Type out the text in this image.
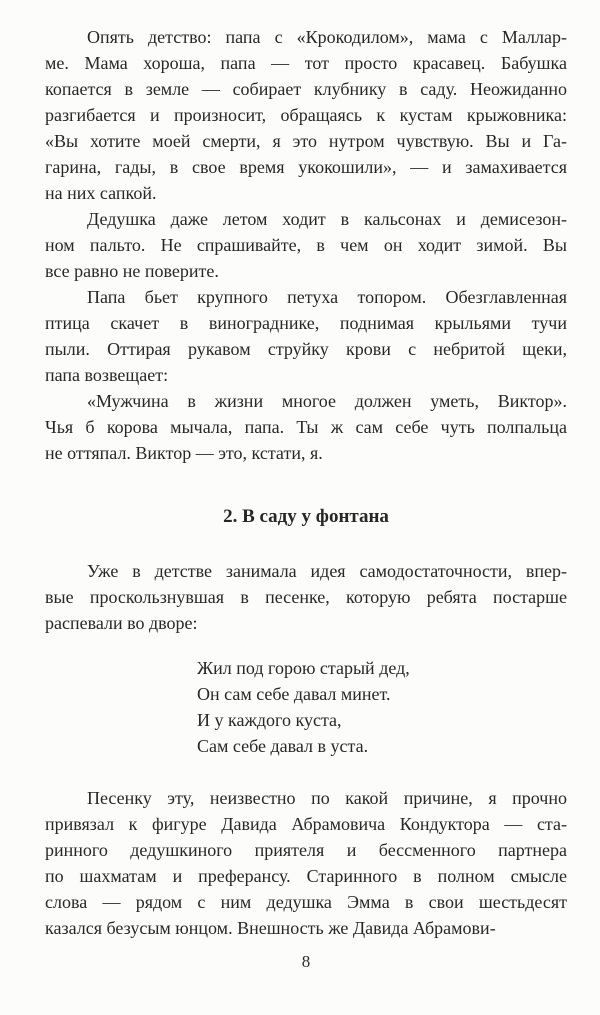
Опять детство: папа с «Крокодилом», мама с Маллар-
ме. Мама хороша, папа — тот просто красавец. Бабушка
копается в земле — собирает клубнику в саду. Неожиданно
разгибается и произносит, обращаясь к кустам крыжовника:
«Вы хотите моей смерти, я это нутром чувствую. Вы и Га-
гарина, гады, в свое время укокошили», — и замахивается
на них сапкой.
Дедушка даже летом ходит в кальсонах и демисезон-
ном пальто. Не спрашивайте, в чем он ходит зимой. Вы
все равно не поверите.
Папа бьет крупного петуха топором. Обезглавленная
птица скачет в винограднике, поднимая крыльями тучи
пыли. Оттирая рукавом струйку крови с небритой щеки,
папа возвещает:
«Мужчина в жизни многое должен уметь, Виктор».
Чья б корова мычала, папа. Ты ж сам себе чуть полпальца
не оттяпал. Виктор — это, кстати, я.
2. В саду у фонтана
Уже в детстве занимала идея самодостаточности, впер-
вые проскользнувшая в песенке, которую ребята постарше
распевали во дворе:
Жил под горою старый дед,
Он сам себе давал минет.
И у каждого куста,
Сам себе давал в уста.
Песенку эту, неизвестно по какой причине, я прочно
привязал к фигуре Давида Абрамовича Кондуктора — ста-
ринного дедушкиного приятеля и бессменного партнера
по шахматам и преферансу. Старинного в полном смысле
слова — рядом с ним дедушка Эмма в свои шестьдесят
казался безусым юнцом. Внешность же Давида Абрамови-
8
